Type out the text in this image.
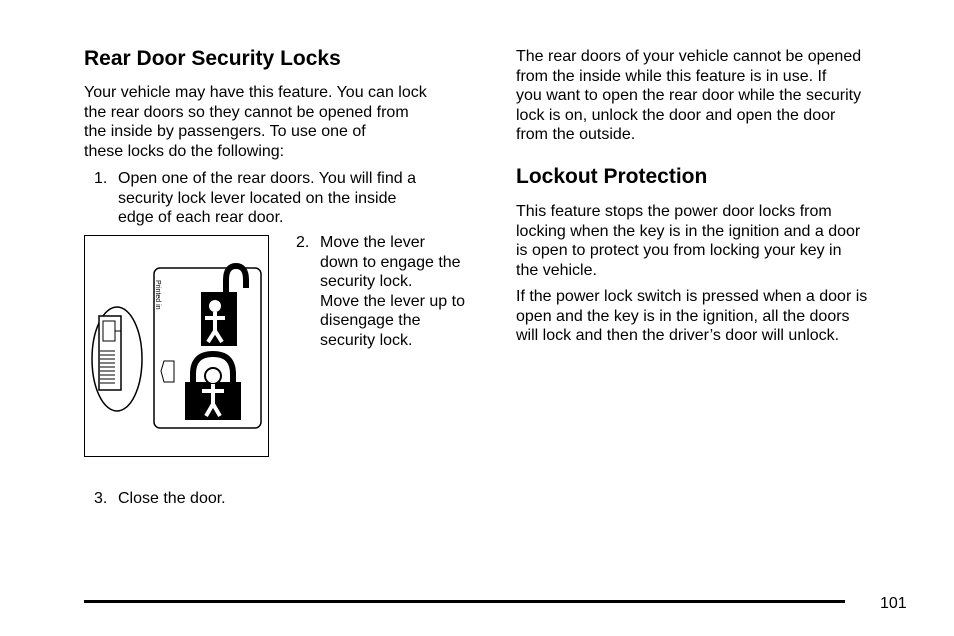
Rear Door Security Locks

Your vehicle may have this feature. You can lock
the rear doors so they cannot be opened from
the inside by passengers. To use one of
these locks do the following:

1. Open one of the rear doors. You will find a
security lock lever located on the inside
edge of each rear door.

Printed in

2. Move the lever
down to engage the
security lock.
Move the lever up to
disengage the
security lock.

3. Close the door.

The rear doors of your vehicle cannot be opened
from the inside while this feature is in use. If
you want to open the rear door while the security
lock is on, unlock the door and open the door
from the outside.

Lockout Protection

This feature stops the power door locks from
locking when the key is in the ignition and a door
is open to protect you from locking your key in
the vehicle.

If the power lock switch is pressed when a door is
open and the key is in the ignition, all the doors
will lock and then the driver’s door will unlock.

101
